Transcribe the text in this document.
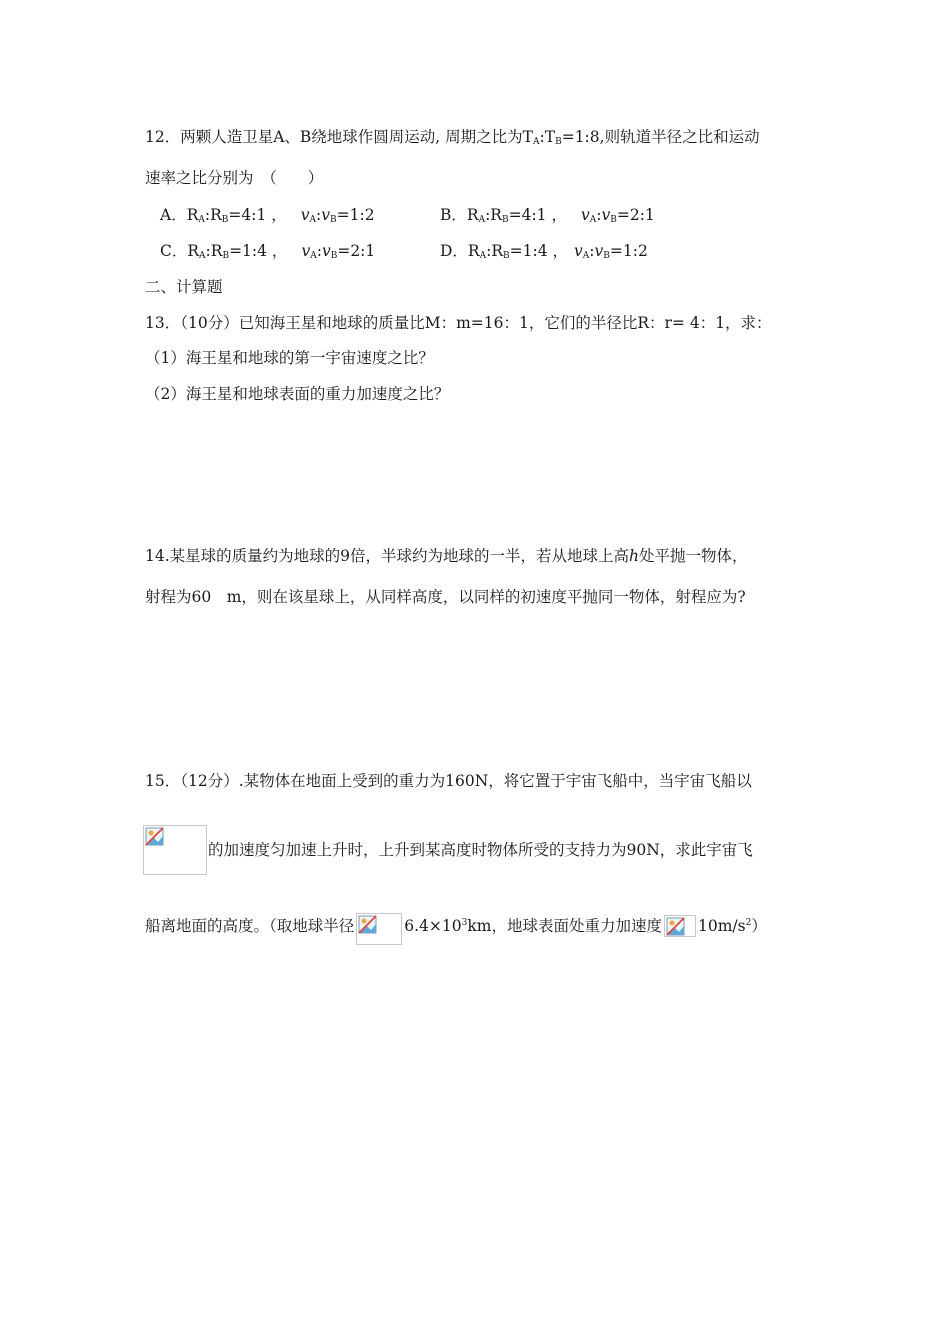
12．两颗人造卫星A、B绕地球作圆周运动, 周期之比为$T_A:T_B=1:8$,则轨道半径之比和运动
速率之比分别为　（　　）
A．$R_A:R_B=4:1$ ， $v_A:v_B=1:2$	B．$R_A:R_B=4:1$ ， $v_A:v_B=2:1$
C．$R_A:R_B=1:4$ ， $v_A:v_B=2:1$	D．$R_A:R_B=1:4$ ， $v_A:v_B=1:2$
二、计算题
13．（10分）已知海王星和地球的质量比M：m=16：1，它们的半径比R：r= 4：1，求：
（1）海王星和地球的第一宇宙速度之比？
（2）海王星和地球表面的重力加速度之比？
14.某星球的质量约为地球的9倍，半球约为地球的一半，若从地球上高h处平抛一物体，
射程为60　m，则在该星球上，从同样高度，以同样的初速度平抛同一物体，射程应为?
15．（12分）.某物体在地面上受到的重力为160N，将它置于宇宙飞船中，当宇宙飞船以
的加速度匀加速上升时，上升到某高度时物体所受的支持力为90N，求此宇宙飞
船离地面的高度。（取地球半径	$6.4\times 10^3km$，地球表面处重力加速度 $10m/s^2$）
